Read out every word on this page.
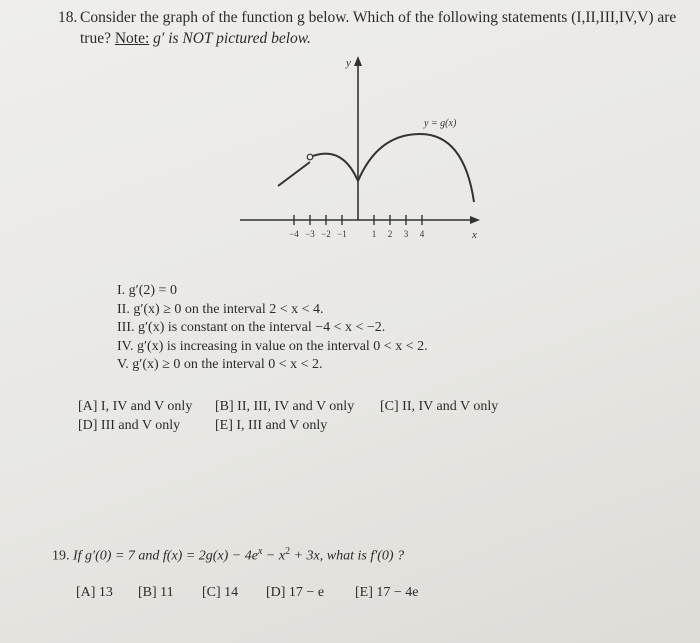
18. Consider the graph of the function g below. Which of the following statements (I,II,III,IV,V) are
true? Note: g′ is NOT pictured below.
y
x
−4 −3 −2 −1	1 2 3 4
y = g(x)
I. g′(2) = 0
II. g′(x) ≥ 0 on the interval 2 < x < 4.
III. g′(x) is constant on the interval −4 < x < −2.
IV. g′(x) is increasing in value on the interval 0 < x < 2.
V. g′(x) ≥ 0 on the interval 0 < x < 2.
[A] I, IV and V only [B] II, III, IV and V only [C] II, IV and V only
[D] III and V only [E] I, III and V only
19. If g′(0) = 7 and $f(x) = 2g(x) - 4e^x - x^2 + 3x$, what is f′(0) ?
[A] 13 [B] 11 [C] 14 [D] 17 − e [E] 17 − 4e
